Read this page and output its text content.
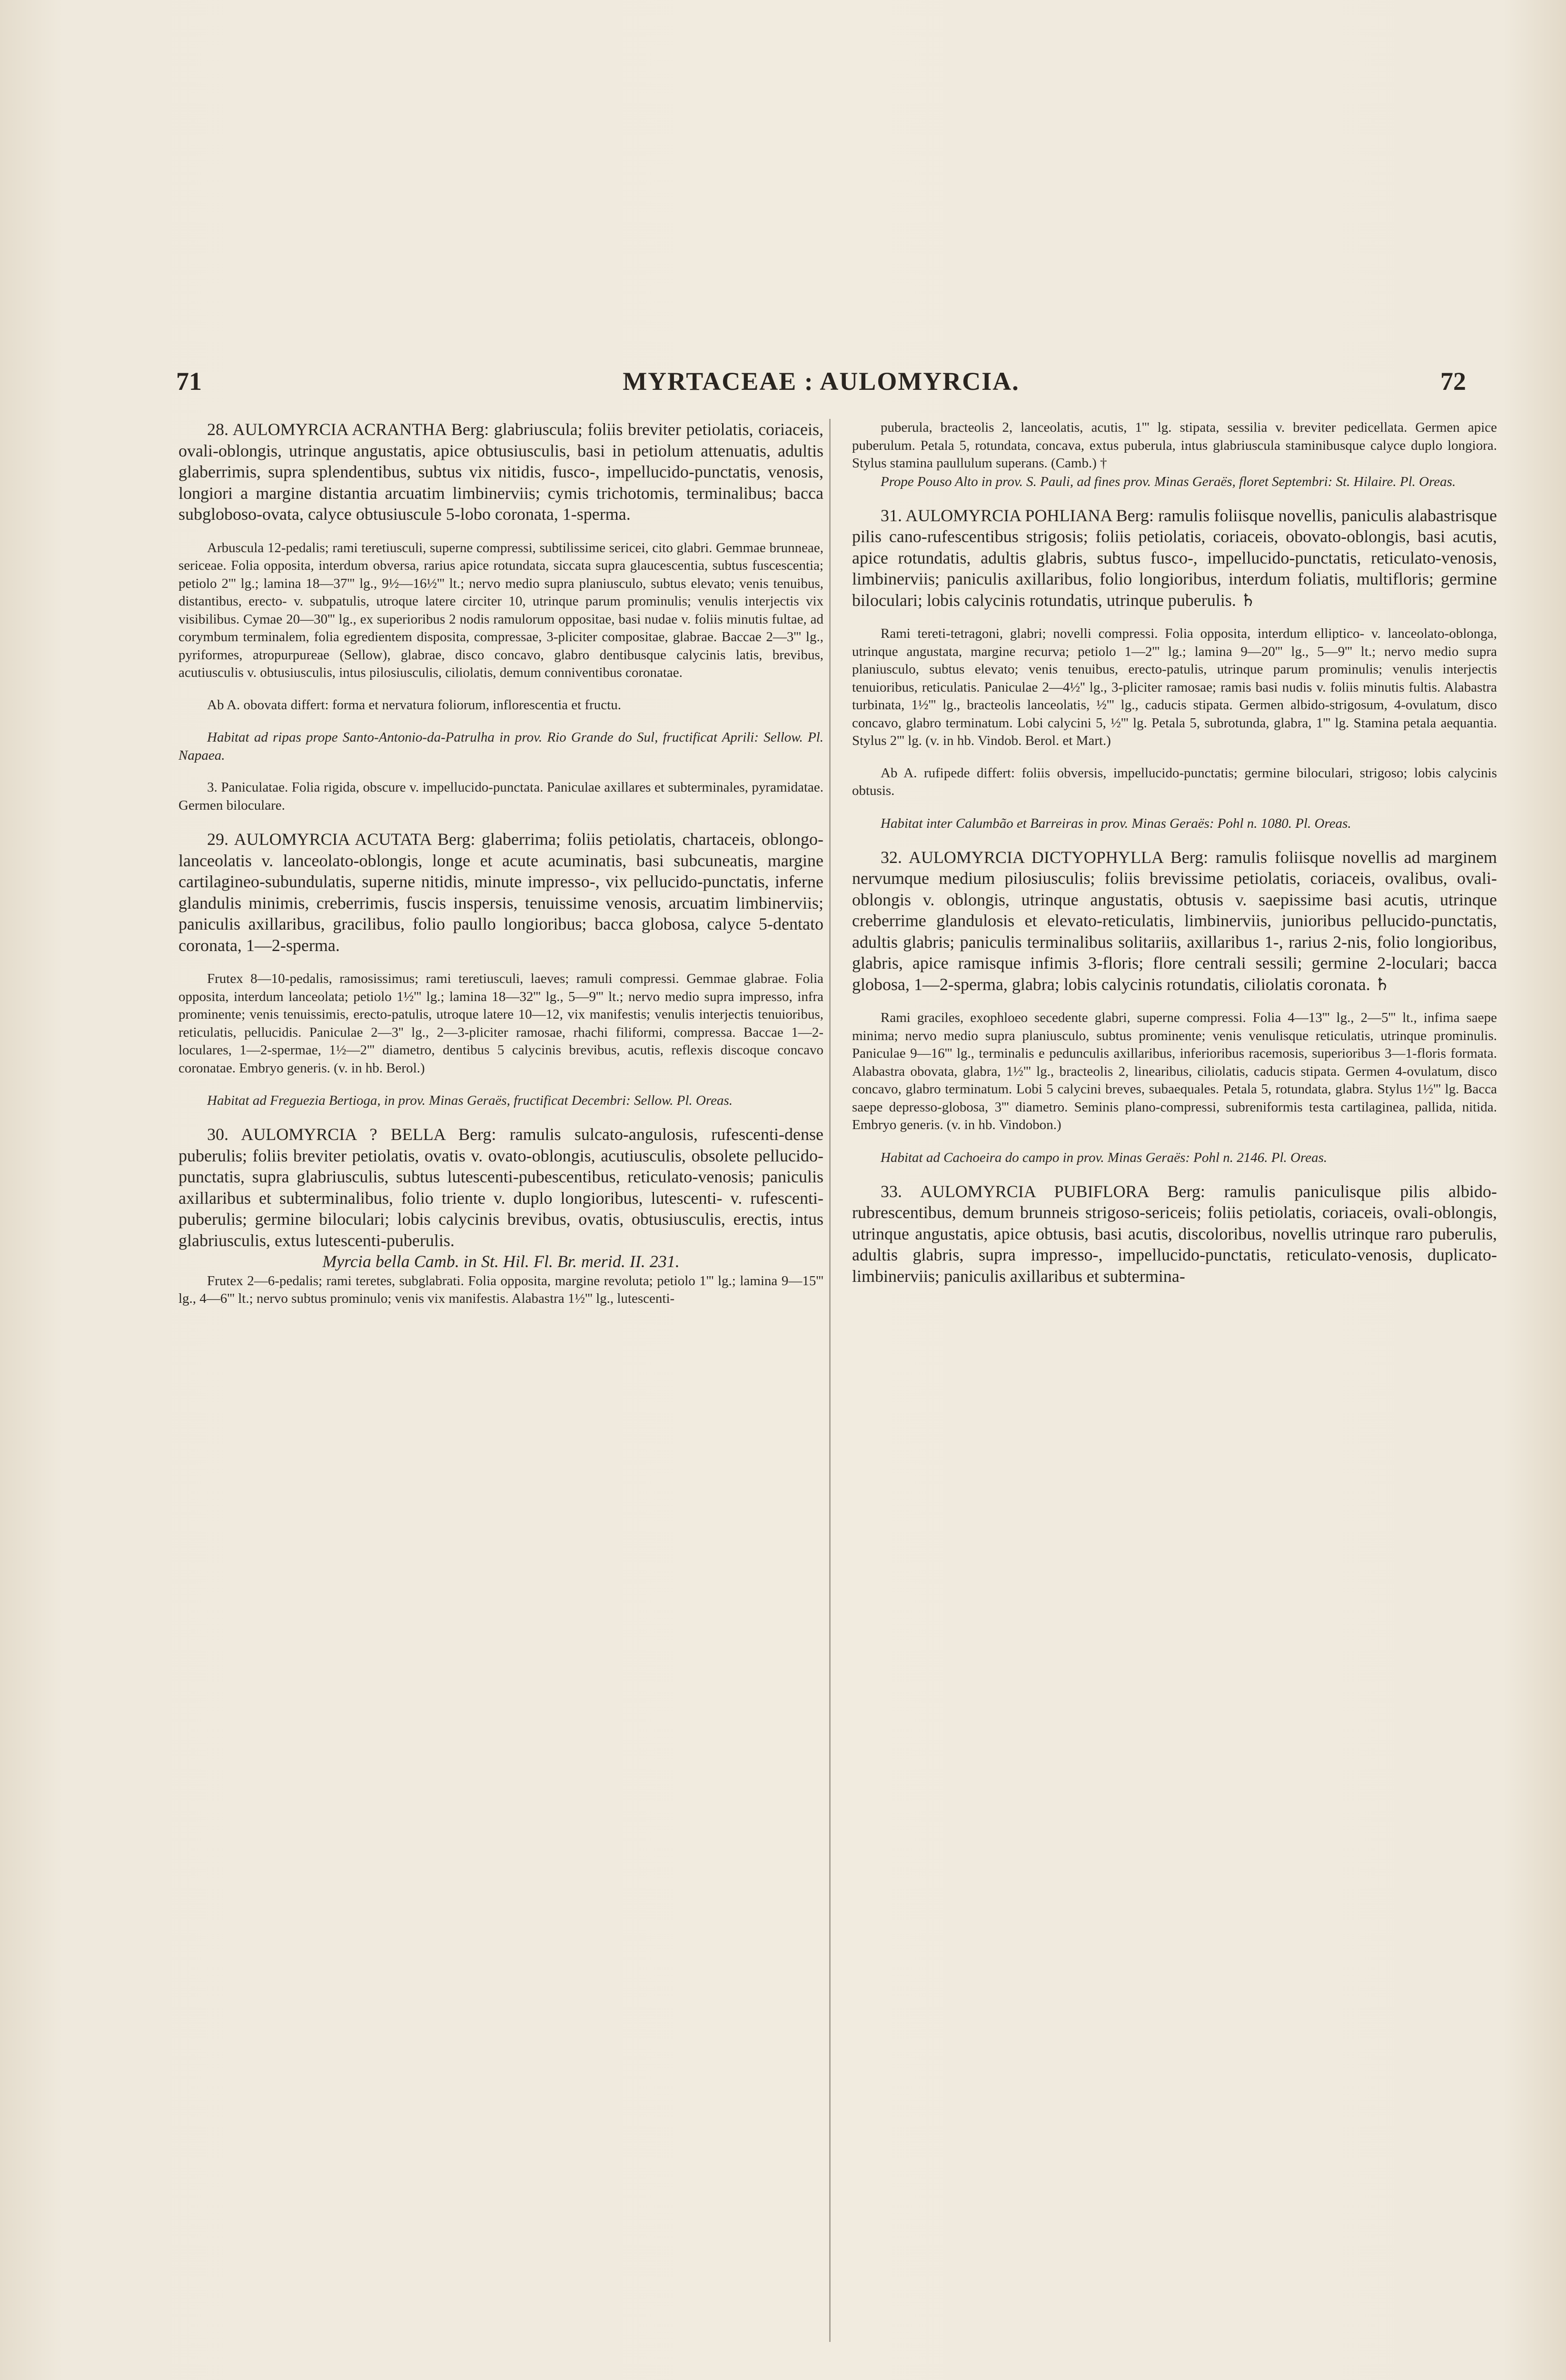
71	MYRTACEAE : AULOMYRCIA.	72

28. AULOMYRCIA ACRANTHA Berg: glabriuscula; foliis breviter petiolatis, coriaceis, ovali-oblongis, utrinque angustatis, apice obtusiusculis, basi in petiolum attenuatis, adultis glaberrimis, supra splendentibus, subtus vix nitidis, fusco-, impellucido-punctatis, venosis, longiori a margine distantia arcuatim limbinerviis; cymis trichotomis, terminalibus; bacca subgloboso-ovata, calyce obtusiuscule 5-lobo coronata, 1-sperma.

Arbuscula 12-pedalis; rami teretiusculi, superne compressi, subtilissime sericei, cito glabri. Gemmae brunneae, sericeae. Folia opposita, interdum obversa, rarius apice rotundata, siccata supra glaucescentia, subtus fuscescentia; petiolo 2''' lg.; lamina 18—37''' lg., 9½—16½''' lt.; nervo medio supra planiusculo, subtus elevato; venis tenuibus, distantibus, erecto- v. subpatulis, utroque latere circiter 10, utrinque parum prominulis; venulis interjectis vix visibilibus. Cymae 20—30''' lg., ex superioribus 2 nodis ramulorum oppositae, basi nudae v. foliis minutis fultae, ad corymbum terminalem, folia egredientem disposita, compressae, 3-pliciter compositae, glabrae. Baccae 2—3''' lg., pyriformes, atropurpureae (Sellow), glabrae, disco concavo, glabro dentibusque calycinis latis, brevibus, acutiusculis v. obtusiusculis, intus pilosiusculis, ciliolatis, demum conniventibus coronatae.

Ab A. obovata differt: forma et nervatura foliorum, inflorescentia et fructu.

Habitat ad ripas prope Santo-Antonio-da-Patrulha in prov. Rio Grande do Sul, fructificat Aprili: Sellow. Pl. Napaea.

3. Paniculatae. Folia rigida, obscure v. impellucido-punctata. Paniculae axillares et subterminales, pyramidatae. Germen biloculare.

29. AULOMYRCIA ACUTATA Berg: glaberrima; foliis petiolatis, chartaceis, oblongo-lanceolatis v. lanceolato-oblongis, longe et acute acuminatis, basi subcuneatis, margine cartilagineo-subundulatis, superne nitidis, minute impresso-, vix pellucido-punctatis, inferne glandulis minimis, creberrimis, fuscis inspersis, tenuissime venosis, arcuatim limbinerviis; paniculis axillaribus, gracilibus, folio paullo longioribus; bacca globosa, calyce 5-dentato coronata, 1—2-sperma.

Frutex 8—10-pedalis, ramosissimus; rami teretiusculi, laeves; ramuli compressi. Gemmae glabrae. Folia opposita, interdum lanceolata; petiolo 1½''' lg.; lamina 18—32''' lg., 5—9''' lt.; nervo medio supra impresso, infra prominente; venis tenuissimis, erecto-patulis, utroque latere 10—12, vix manifestis; venulis interjectis tenuioribus, reticulatis, pellucidis. Paniculae 2—3'' lg., 2—3-pliciter ramosae, rhachi filiformi, compressa. Baccae 1—2-loculares, 1—2-spermae, 1½—2''' diametro, dentibus 5 calycinis brevibus, acutis, reflexis discoque concavo coronatae. Embryo generis. (v. in hb. Berol.)

Habitat ad Freguezia Bertioga, in prov. Minas Geraës, fructificat Decembri: Sellow. Pl. Oreas.

30. AULOMYRCIA ? BELLA Berg: ramulis sulcato-angulosis, rufescenti-dense puberulis; foliis breviter petiolatis, ovatis v. ovato-oblongis, acutiusculis, obsolete pellucido-punctatis, supra glabriusculis, subtus lutescenti-pubescentibus, reticulato-venosis; paniculis axillaribus et subterminalibus, folio triente v. duplo longioribus, lutescenti- v. rufescenti-puberulis; germine biloculari; lobis calycinis brevibus, ovatis, obtusiusculis, erectis, intus glabriusculis, extus lutescenti-puberulis.

Myrcia bella Camb. in St. Hil. Fl. Br. merid. II. 231.

Frutex 2—6-pedalis; rami teretes, subglabrati. Folia opposita, margine revoluta; petiolo 1''' lg.; lamina 9—15''' lg., 4—6''' lt.; nervo subtus prominulo; venis vix manifestis. Alabastra 1½''' lg., lutescenti-

puberula, bracteolis 2, lanceolatis, acutis, 1''' lg. stipata, sessilia v. breviter pedicellata. Germen apice puberulum. Petala 5, rotundata, concava, extus puberula, intus glabriuscula staminibusque calyce duplo longiora. Stylus stamina paullulum superans. (Camb.) †

Prope Pouso Alto in prov. S. Pauli, ad fines prov. Minas Geraës, floret Septembri: St. Hilaire. Pl. Oreas.

31. AULOMYRCIA POHLIANA Berg: ramulis foliisque novellis, paniculis alabastrisque pilis cano-rufescentibus strigosis; foliis petiolatis, coriaceis, obovato-oblongis, basi acutis, apice rotundatis, adultis glabris, subtus fusco-, impellucido-punctatis, reticulato-venosis, limbinerviis; paniculis axillaribus, folio longioribus, interdum foliatis, multifloris; germine biloculari; lobis calycinis rotundatis, utrinque puberulis. ♄

Rami tereti-tetragoni, glabri; novelli compressi. Folia opposita, interdum elliptico- v. lanceolato-oblonga, utrinque angustata, margine recurva; petiolo 1—2''' lg.; lamina 9—20''' lg., 5—9''' lt.; nervo medio supra planiusculo, subtus elevato; venis tenuibus, erecto-patulis, utrinque parum prominulis; venulis interjectis tenuioribus, reticulatis. Paniculae 2—4½'' lg., 3-pliciter ramosae; ramis basi nudis v. foliis minutis fultis. Alabastra turbinata, 1½''' lg., bracteolis lanceolatis, ½''' lg., caducis stipata. Germen albido-strigosum, 4-ovulatum, disco concavo, glabro terminatum. Lobi calycini 5, ½''' lg. Petala 5, subrotunda, glabra, 1''' lg. Stamina petala aequantia. Stylus 2''' lg. (v. in hb. Vindob. Berol. et Mart.)

Ab A. rufipede differt: foliis obversis, impellucido-punctatis; germine biloculari, strigoso; lobis calycinis obtusis.

Habitat inter Calumbão et Barreiras in prov. Minas Geraës: Pohl n. 1080. Pl. Oreas.

32. AULOMYRCIA DICTYOPHYLLA Berg: ramulis foliisque novellis ad marginem nervumque medium pilosiusculis; foliis brevissime petiolatis, coriaceis, ovalibus, ovali-oblongis v. oblongis, utrinque angustatis, obtusis v. saepissime basi acutis, utrinque creberrime glandulosis et elevato-reticulatis, limbinerviis, junioribus pellucido-punctatis, adultis glabris; paniculis terminalibus solitariis, axillaribus 1-, rarius 2-nis, folio longioribus, glabris, apice ramisque infimis 3-floris; flore centrali sessili; germine 2-loculari; bacca globosa, 1—2-sperma, glabra; lobis calycinis rotundatis, ciliolatis coronata. ♄

Rami graciles, exophloeo secedente glabri, superne compressi. Folia 4—13''' lg., 2—5''' lt., infima saepe minima; nervo medio supra planiusculo, subtus prominente; venis venulisque reticulatis, utrinque prominulis. Paniculae 9—16''' lg., terminalis e pedunculis axillaribus, inferioribus racemosis, superioribus 3—1-floris formata. Alabastra obovata, glabra, 1½''' lg., bracteolis 2, linearibus, ciliolatis, caducis stipata. Germen 4-ovulatum, disco concavo, glabro terminatum. Lobi 5 calycini breves, subaequales. Petala 5, rotundata, glabra. Stylus 1½''' lg. Bacca saepe depresso-globosa, 3''' diametro. Seminis plano-compressi, subreniformis testa cartilaginea, pallida, nitida. Embryo generis. (v. in hb. Vindobon.)

Habitat ad Cachoeira do campo in prov. Minas Geraës: Pohl n. 2146. Pl. Oreas.

33. AULOMYRCIA PUBIFLORA Berg: ramulis paniculisque pilis albido-rubrescentibus, demum brunneis strigoso-sericeis; foliis petiolatis, coriaceis, ovali-oblongis, utrinque angustatis, apice obtusis, basi acutis, discoloribus, novellis utrinque raro puberulis, adultis glabris, supra impresso-, impellucido-punctatis, reticulato-venosis, duplicato-limbinerviis; paniculis axillaribus et subtermina-
